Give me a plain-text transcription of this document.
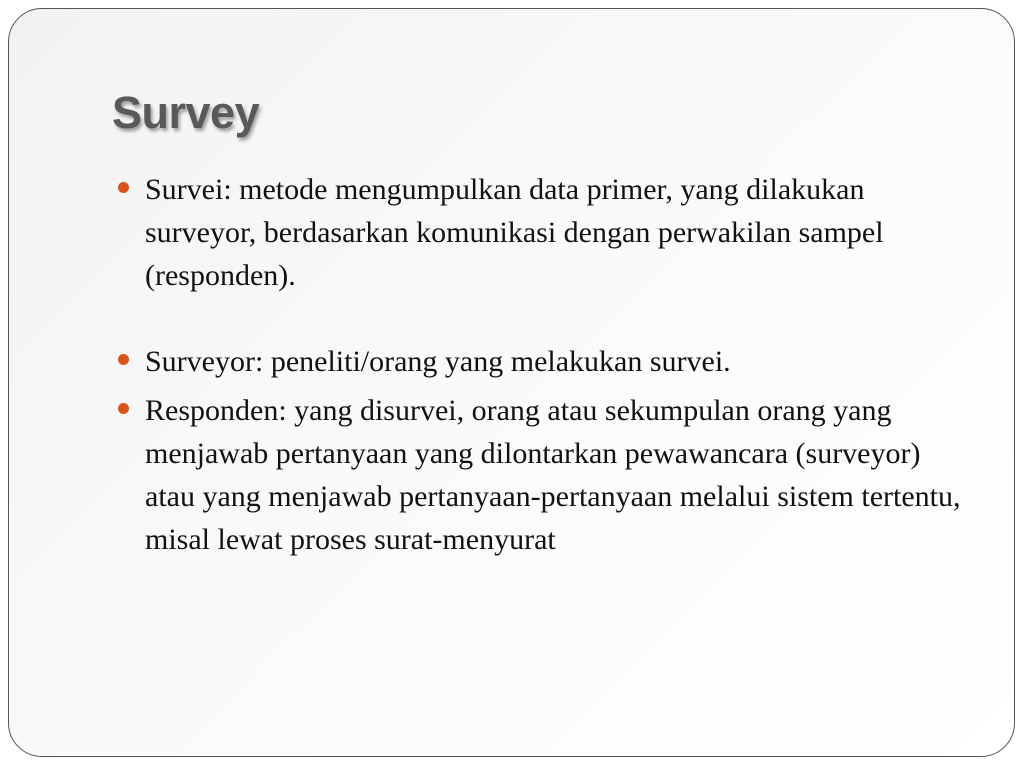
Survey
Survei: metode mengumpulkan data primer, yang dilakukan surveyor, berdasarkan komunikasi dengan perwakilan sampel (responden).
Surveyor: peneliti/orang yang melakukan survei.
Responden: yang disurvei, orang atau sekumpulan orang yang menjawab pertanyaan yang dilontarkan pewawancara (surveyor) atau yang menjawab pertanyaan-pertanyaan melalui sistem tertentu, misal lewat proses surat-menyurat
